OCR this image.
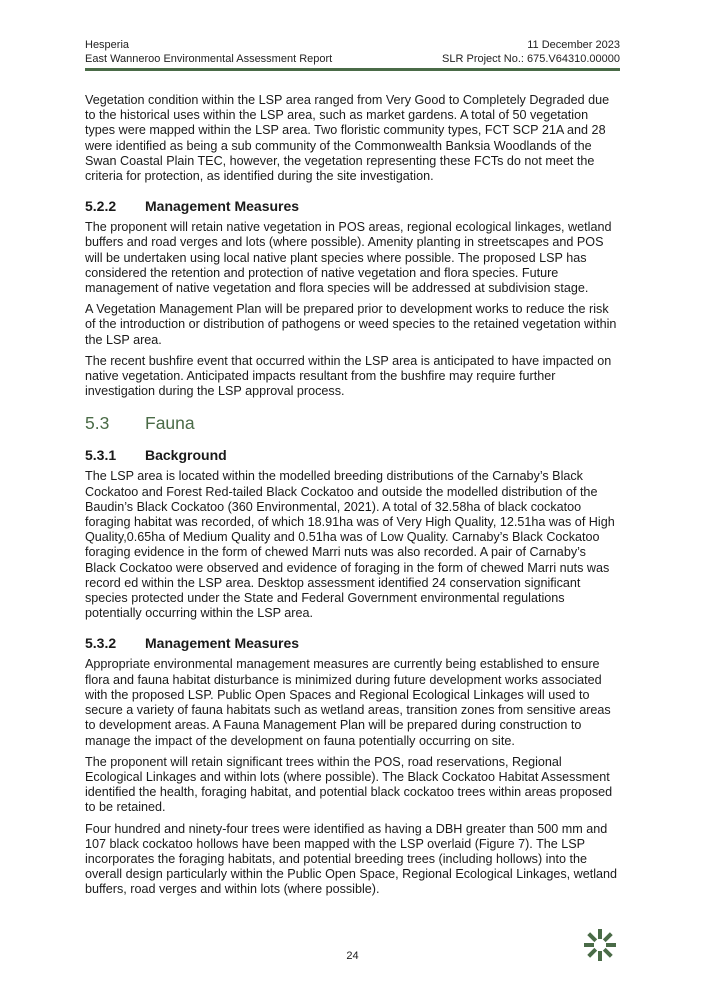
Hesperia	11 December 2023
East Wanneroo Environmental Assessment Report	SLR Project No.: 675.V64310.00000

Vegetation condition within the LSP area ranged from Very Good to Completely Degraded due to the historical uses within the LSP area, such as market gardens. A total of 50 vegetation types were mapped within the LSP area. Two floristic community types, FCT SCP 21A and 28 were identified as being a sub community of the Commonwealth Banksia Woodlands of the Swan Coastal Plain TEC, however, the vegetation representing these FCTs do not meet the criteria for protection, as identified during the site investigation.

5.2.2	Management Measures

The proponent will retain native vegetation in POS areas, regional ecological linkages, wetland buffers and road verges and lots (where possible). Amenity planting in streetscapes and POS will be undertaken using local native plant species where possible. The proposed LSP has considered the retention and protection of native vegetation and flora species. Future management of native vegetation and flora species will be addressed at subdivision stage.

A Vegetation Management Plan will be prepared prior to development works to reduce the risk of the introduction or distribution of pathogens or weed species to the retained vegetation within the LSP area.

The recent bushfire event that occurred within the LSP area is anticipated to have impacted on native vegetation. Anticipated impacts resultant from the bushfire may require further investigation during the LSP approval process.

5.3	Fauna
5.3.1	Background

The LSP area is located within the modelled breeding distributions of the Carnaby’s Black Cockatoo and Forest Red-tailed Black Cockatoo and outside the modelled distribution of the Baudin’s Black Cockatoo (360 Environmental, 2021). A total of 32.58ha of black cockatoo foraging habitat was recorded, of which 18.91ha was of Very High Quality, 12.51ha was of High Quality,0.65ha of Medium Quality and 0.51ha was of Low Quality. Carnaby’s Black Cockatoo foraging evidence in the form of chewed Marri nuts was also recorded. A pair of Carnaby’s Black Cockatoo were observed and evidence of foraging in the form of chewed Marri nuts was record ed within the LSP area. Desktop assessment identified 24 conservation significant species protected under the State and Federal Government environmental regulations potentially occurring within the LSP area.

5.3.2	Management Measures

Appropriate environmental management measures are currently being established to ensure flora and fauna habitat disturbance is minimized during future development works associated with the proposed LSP. Public Open Spaces and Regional Ecological Linkages will used to secure a variety of fauna habitats such as wetland areas, transition zones from sensitive areas to development areas. A Fauna Management Plan will be prepared during construction to manage the impact of the development on fauna potentially occurring on site.

The proponent will retain significant trees within the POS, road reservations, Regional Ecological Linkages and within lots (where possible). The Black Cockatoo Habitat Assessment identified the health, foraging habitat, and potential black cockatoo trees within areas proposed to be retained.

Four hundred and ninety-four trees were identified as having a DBH greater than 500 mm and 107 black cockatoo hollows have been mapped with the LSP overlaid (Figure 7). The LSP incorporates the foraging habitats, and potential breeding trees (including hollows) into the overall design particularly within the Public Open Space, Regional Ecological Linkages, wetland buffers, road verges and within lots (where possible).

24
